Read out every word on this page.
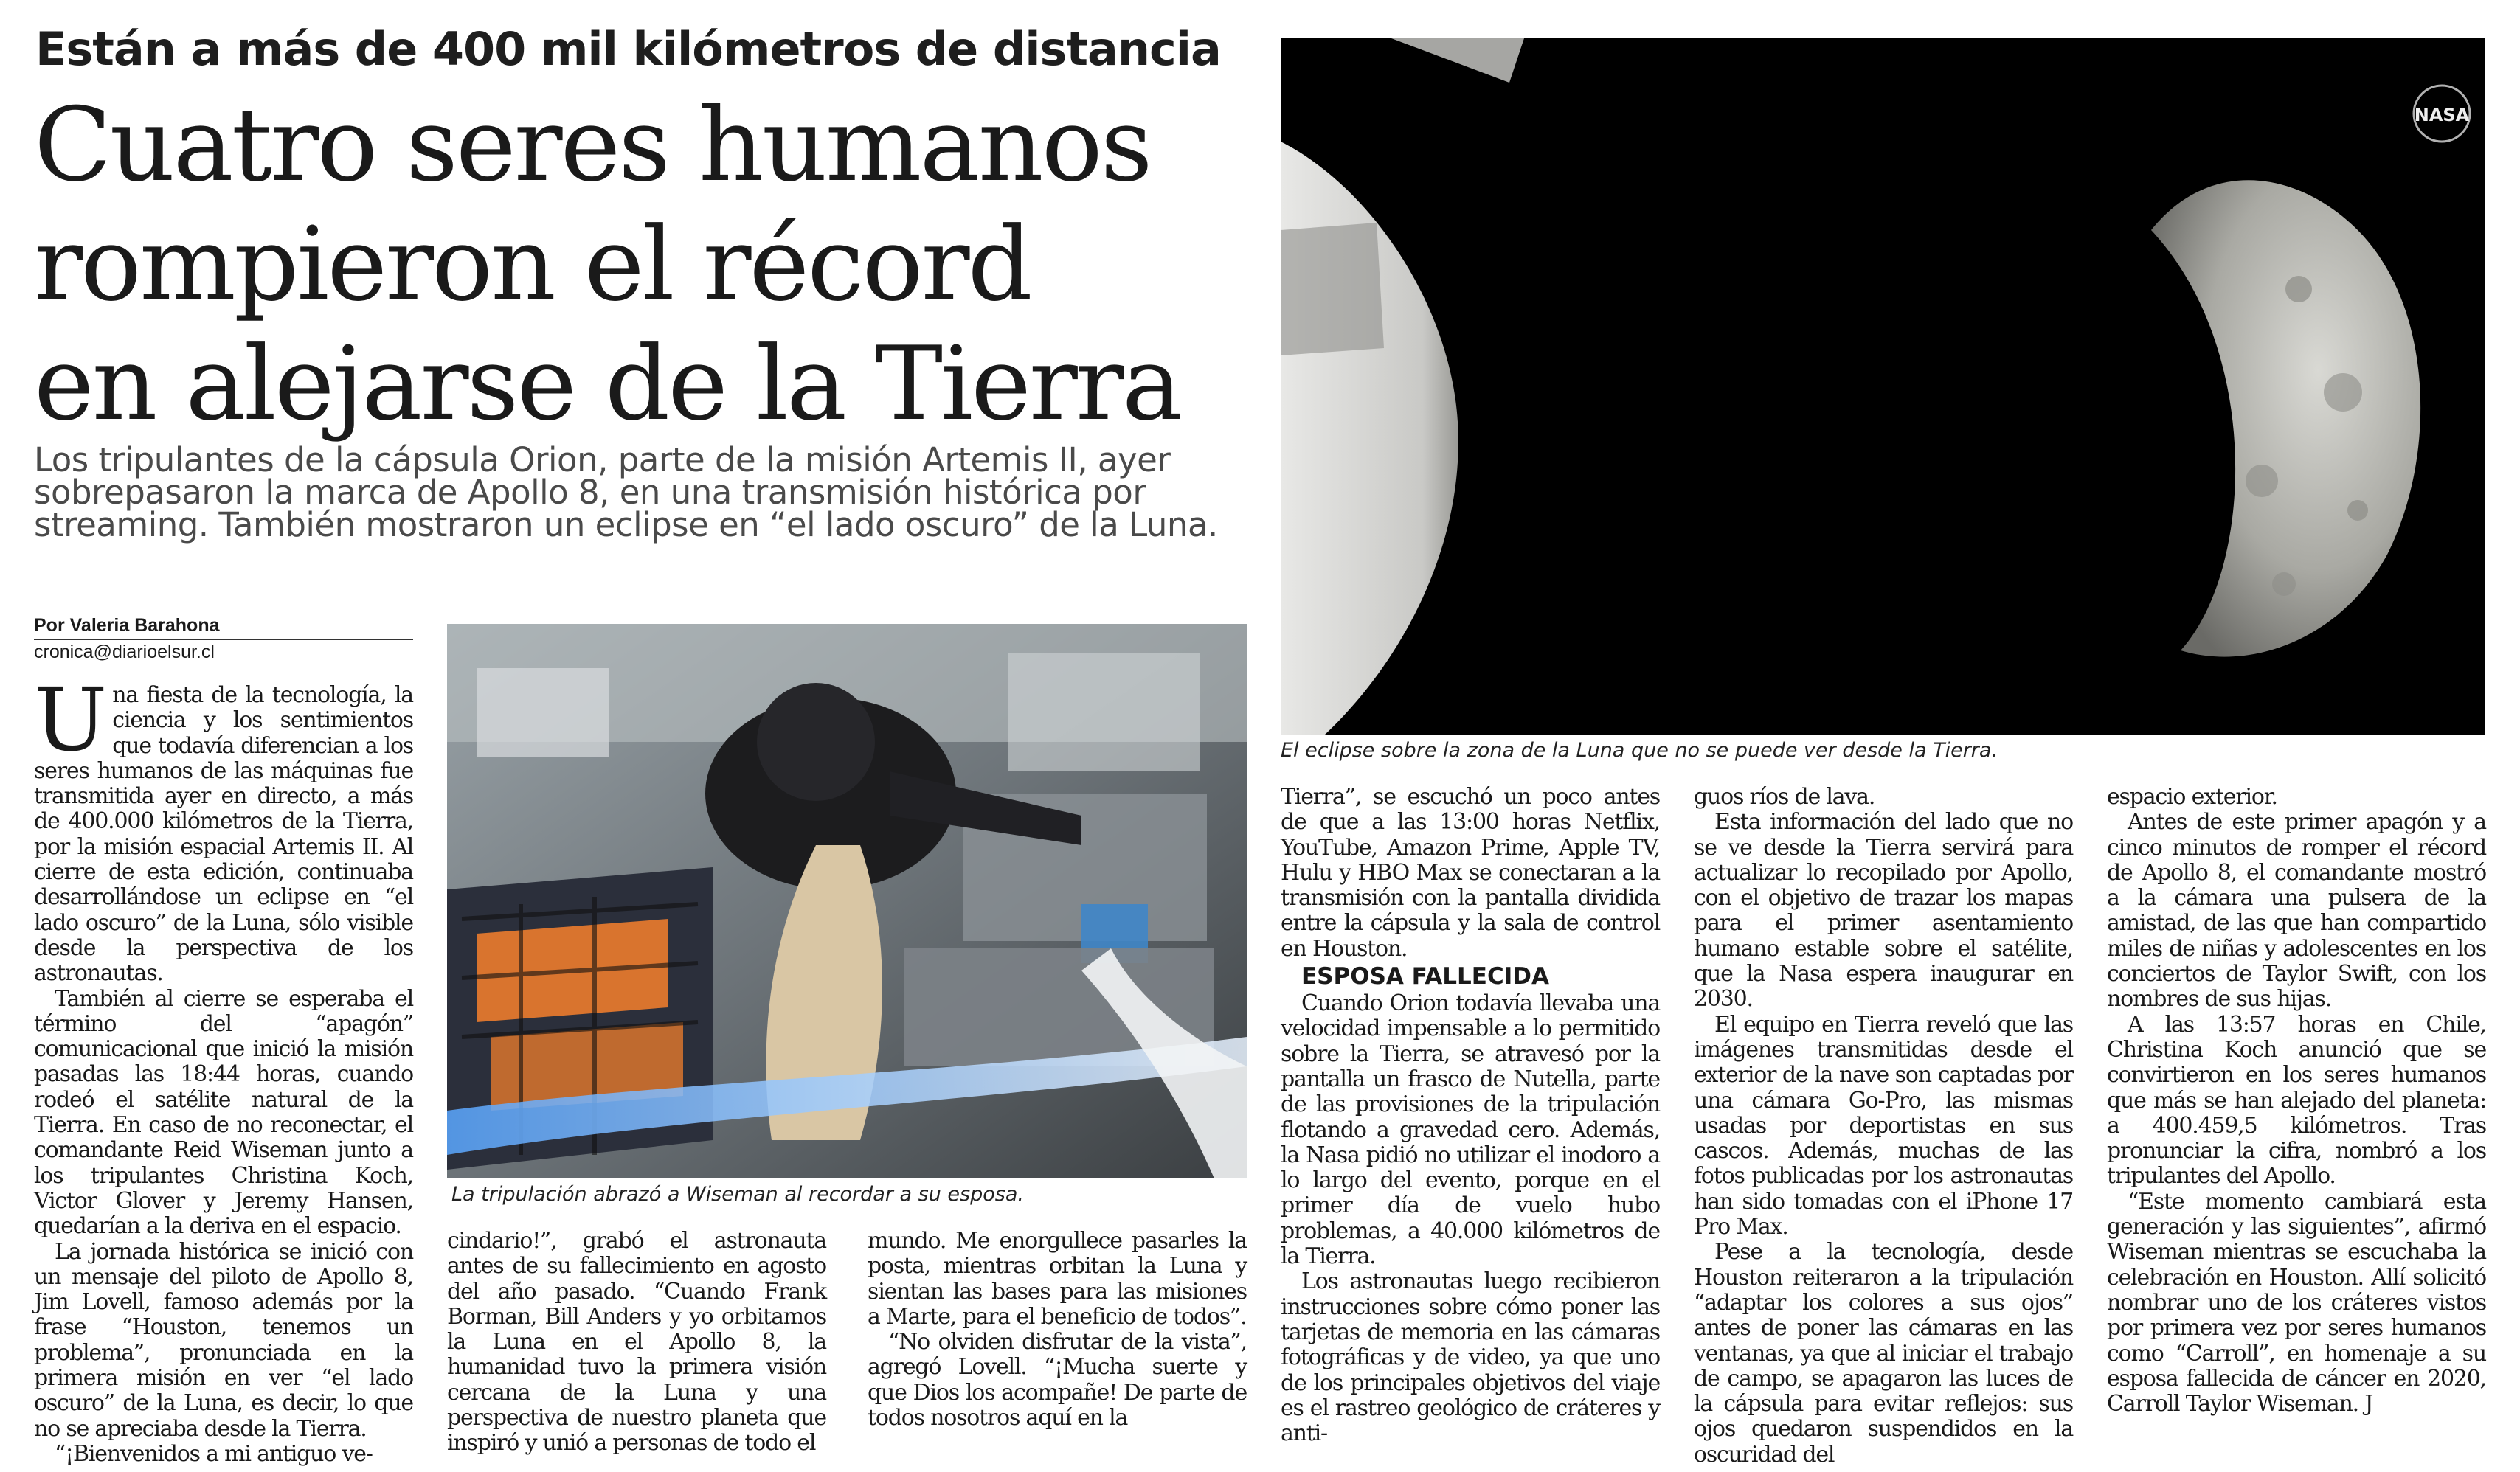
Están a más de 400 mil kilómetros de distancia
Cuatro seres humanos
rompieron el récord
en alejarse de la Tierra
Los tripulantes de la cápsula Orion, parte de la misión Artemis II, ayer sobrepasaron la marca de Apollo 8, en una transmisión histórica por streaming. También mostraron un eclipse en “el lado oscuro” de la Luna.
Por Valeria Barahona
cronica@diarioelsur.cl

Una fiesta de la tecnología, la ciencia y los sentimientos que todavía diferencian a los seres humanos de las máquinas fue transmitida ayer en directo, a más de 400.000 kilómetros de la Tierra, por la misión espacial Artemis II. Al cierre de esta edición, continuaba desarrollándose un eclipse en “el lado oscuro” de la Luna, sólo visible desde la perspectiva de los astronautas.

También al cierre se esperaba el término del “apagón” comunicacional que inició la misión pasadas las 18:44 horas, cuando rodeó el satélite natural de la Tierra. En caso de no reconectar, el comandante Reid Wiseman junto a los tripulantes Christina Koch, Victor Glover y Jeremy Hansen, quedarían a la deriva en el espacio.

La jornada histórica se inició con un mensaje del piloto de Apollo 8, Jim Lovell, famoso además por la frase “Houston, tenemos un problema”, pronunciada en la primera misión en ver “el lado oscuro” de la Luna, es decir, lo que no se apreciaba desde la Tierra.

“¡Bienvenidos a mi antiguo ve-

La tripulación abrazó a Wiseman al recordar a su esposa.

cindario!”, grabó el astronauta antes de su fallecimiento en agosto del año pasado. “Cuando Frank Borman, Bill Anders y yo orbitamos la Luna en el Apollo 8, la humanidad tuvo la primera visión cercana de la Luna y una perspectiva de nuestro planeta que inspiró y unió a personas de todo el

mundo. Me enorgullece pasarles la posta, mientras orbitan la Luna y sientan las bases para las misiones a Marte, para el beneficio de todos”.

“No olviden disfrutar de la vista”, agregó Lovell. “¡Mucha suerte y que Dios los acompañe! De parte de todos nosotros aquí en la

NASA
El eclipse sobre la zona de la Luna que no se puede ver desde la Tierra.

Tierra”, se escuchó un poco antes de que a las 13:00 horas Netflix, YouTube, Amazon Prime, Apple TV, Hulu y HBO Max se conectaran a la transmisión con la pantalla dividida entre la cápsula y la sala de control en Houston.

ESPOSA FALLECIDA

Cuando Orion todavía llevaba una velocidad impensable a lo permitido sobre la Tierra, se atravesó por la pantalla un frasco de Nutella, parte de las provisiones de la tripulación flotando a gravedad cero. Además, la Nasa pidió no utilizar el inodoro a lo largo del evento, porque en el primer día de vuelo hubo problemas, a 40.000 kilómetros de la Tierra.

Los astronautas luego recibieron instrucciones sobre cómo poner las tarjetas de memoria en las cámaras fotográficas y de video, ya que uno de los principales objetivos del viaje es el rastreo geológico de cráteres y anti-

guos ríos de lava.

Esta información del lado que no se ve desde la Tierra servirá para actualizar lo recopilado por Apollo, con el objetivo de trazar los mapas para el primer asentamiento humano estable sobre el satélite, que la Nasa espera inaugurar en 2030.

El equipo en Tierra reveló que las imágenes transmitidas desde el exterior de la nave son captadas por una cámara Go-Pro, las mismas usadas por deportistas en sus cascos. Además, muchas de las fotos publicadas por los astronautas han sido tomadas con el iPhone 17 Pro Max.

Pese a la tecnología, desde Houston reiteraron a la tripulación “adaptar los colores a sus ojos” antes de poner las cámaras en las ventanas, ya que al iniciar el trabajo de campo, se apagaron las luces de la cápsula para evitar reflejos: sus ojos quedaron suspendidos en la oscuridad del

espacio exterior.

Antes de este primer apagón y a cinco minutos de romper el récord de Apollo 8, el comandante mostró a la cámara una pulsera de la amistad, de las que han compartido miles de niñas y adolescentes en los conciertos de Taylor Swift, con los nombres de sus hijas.

A las 13:57 horas en Chile, Christina Koch anunció que se convirtieron en los seres humanos que más se han alejado del planeta: a 400.459,5 kilómetros. Tras pronunciar la cifra, nombró a los tripulantes del Apollo.

“Este momento cambiará esta generación y las siguientes”, afirmó Wiseman mientras se escuchaba la celebración en Houston. Allí solicitó nombrar uno de los cráteres vistos por primera vez por seres humanos como “Carroll”, en homenaje a su esposa fallecida de cáncer en 2020, Carroll Taylor Wiseman. J
